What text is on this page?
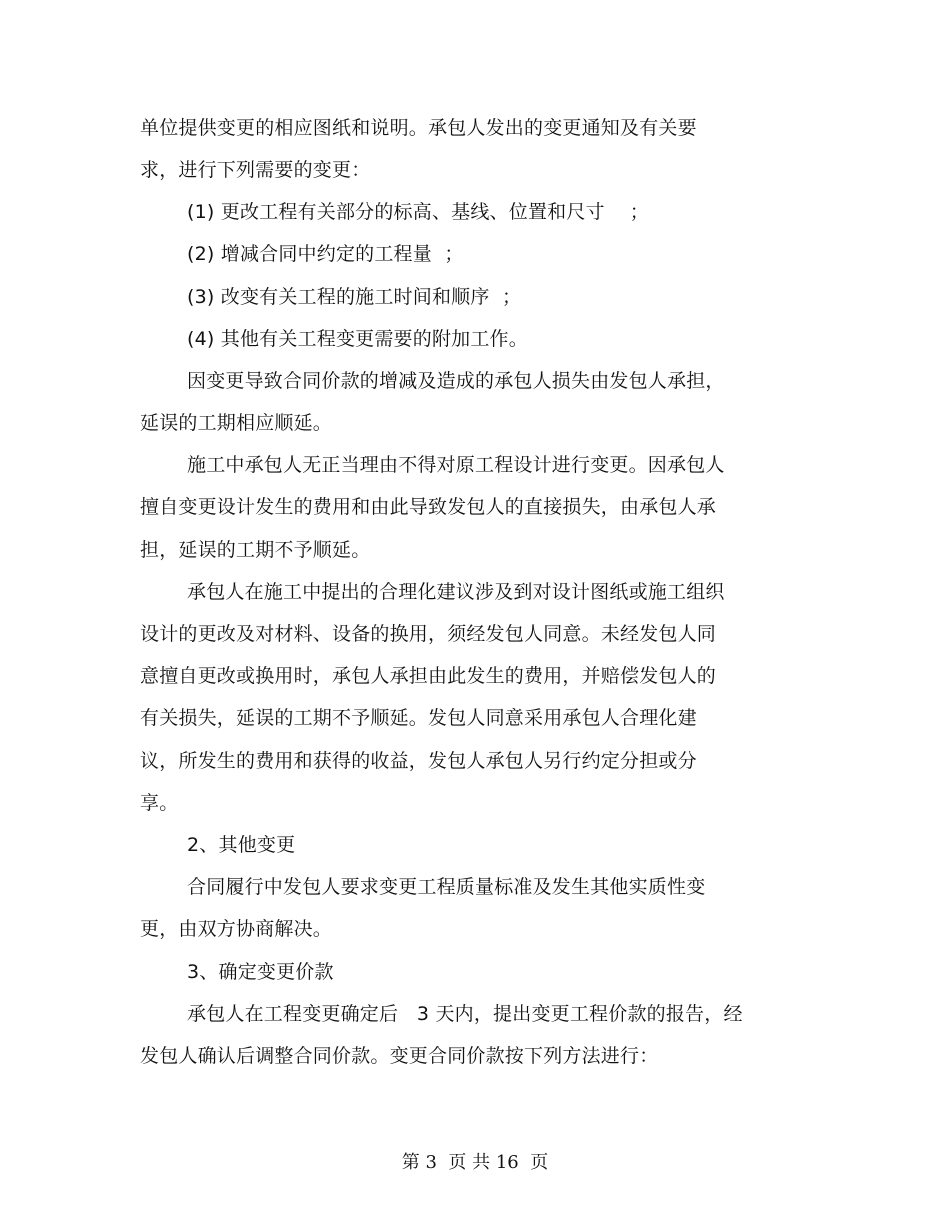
单位提供变更的相应图纸和说明。承包人发出的变更通知及有关要
求，进行下列需要的变更：
(1) 更改工程有关部分的标高、基线、位置和尺寸    ；
(2) 增减合同中约定的工程量  ；
(3) 改变有关工程的施工时间和顺序  ；
(4) 其他有关工程变更需要的附加工作。
因变更导致合同价款的增减及造成的承包人损失由发包人承担，
延误的工期相应顺延。
施工中承包人无正当理由不得对原工程设计进行变更。因承包人
擅自变更设计发生的费用和由此导致发包人的直接损失，由承包人承
担，延误的工期不予顺延。
承包人在施工中提出的合理化建议涉及到对设计图纸或施工组织
设计的更改及对材料、设备的换用，须经发包人同意。未经发包人同
意擅自更改或换用时，承包人承担由此发生的费用，并赔偿发包人的
有关损失，延误的工期不予顺延。发包人同意采用承包人合理化建
议，所发生的费用和获得的收益，发包人承包人另行约定分担或分
享。
2、其他变更
合同履行中发包人要求变更工程质量标准及发生其他实质性变
更，由双方协商解决。
3、确定变更价款
承包人在工程变更确定后   3 天内，提出变更工程价款的报告，经
发包人确认后调整合同价款。变更合同价款按下列方法进行：
第 3  页 共 16  页
